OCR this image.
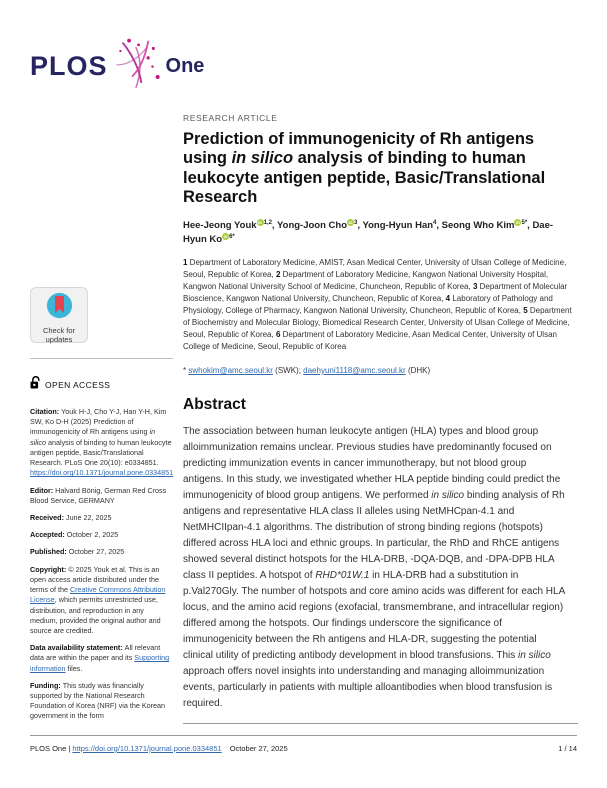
PLOS	One
Check for
updates
OPEN ACCESS

Citation: Youk H-J, Cho Y-J, Han Y-H, Kim SW, Ko D-H (2025) Prediction of immunogenicity of Rh antigens using in silico analysis of binding to human leukocyte antigen peptide, Basic/Translational Research. PLoS One 20(10): e0334851. https://doi.org/10.1371/journal.pone.0334851

Editor: Halvard Bönig, German Red Cross Blood Service, GERMANY

Received: June 22, 2025

Accepted: October 2, 2025

Published: October 27, 2025

Copyright: © 2025 Youk et al. This is an open access article distributed under the terms of the Creative Commons Attribution License, which permits unrestricted use, distribution, and reproduction in any medium, provided the original author and source are credited.

Data availability statement: All relevant data are within the paper and its Supporting information files.

Funding: This study was financially supported by the National Research Foundation of Korea (NRF) via the Korean government in the form

RESEARCH ARTICLE
Prediction of immunogenicity of Rh antigens using in silico analysis of binding to human leukocyte antigen peptide, Basic/Translational Research
Hee-Jeong Youk iD $^{1,2}$, Yong-Joon Cho iD $^3$, Yong-Hyun Han$^4$, Seong Who Kim iD $^{5*}$, Dae-Hyun Ko iD $^{6*}$
1 Department of Laboratory Medicine, AMIST, Asan Medical Center, University of Ulsan College of Medicine, Seoul, Republic of Korea, 2 Department of Laboratory Medicine, Kangwon National University Hospital, Kangwon National University School of Medicine, Chuncheon, Republic of Korea, 3 Department of Molecular Bioscience, Kangwon National University, Chuncheon, Republic of Korea, 4 Laboratory of Pathology and Physiology, College of Pharmacy, Kangwon National University, Chuncheon, Republic of Korea, 5 Department of Biochemistry and Molecular Biology, Biomedical Research Center, University of Ulsan College of Medicine, Seoul, Republic of Korea, 6 Department of Laboratory Medicine, Asan Medical Center, University of Ulsan College of Medicine, Seoul, Republic of Korea
* swhokim@amc.seoul.kr (SWK); daehyuni1118@amc.seoul.kr (DHK)
Abstract

The association between human leukocyte antigen (HLA) types and blood group alloimmunization remains unclear. Previous studies have predominantly focused on predicting immunization events in cancer immunotherapy, but not blood group antigens. In this study, we investigated whether HLA peptide binding could predict the immunogenicity of blood group antigens. We performed in silico binding analysis of Rh antigens and representative HLA class II alleles using NetMHCpan-4.1 and NetMHCIIpan-4.1 algorithms. The distribution of strong binding regions (hotspots) differed across HLA loci and ethnic groups. In particular, the RhD and RhCE antigens showed several distinct hotspots for the HLA-DRB, -DQA-DQB, and -DPA-DPB HLA class II peptides. A hotspot of RHD*01W.1 in HLA-DRB had a substitution in p.Val270Gly. The number of hotspots and core amino acids was different for each HLA locus, and the amino acid regions (exofacial, transmembrane, and intracellular region) differed among the hotspots. Our findings underscore the significance of immunogenicity between the Rh antigens and HLA-DR, suggesting the potential clinical utility of predicting antibody development in blood transfusions. This in silico approach offers novel insights into understanding and managing alloimmunization events, particularly in patients with multiple alloantibodies when blood transfusion is required.

PLOS One | https://doi.org/10.1371/journal.pone.0334851 October 27, 2025	1 / 14
